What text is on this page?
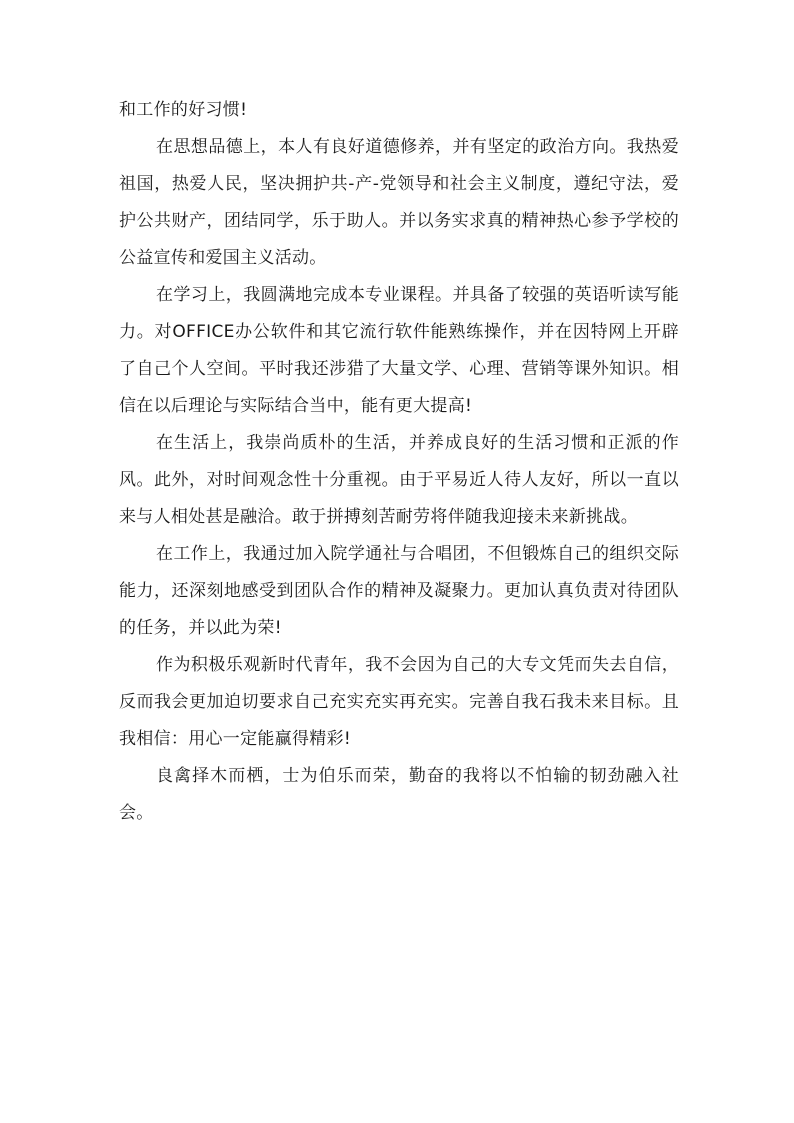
和工作的好习惯!

在思想品德上，本人有良好道德修养，并有坚定的政治方向。我热爱祖国，热爱人民，坚决拥护共-产-党领导和社会主义制度，遵纪守法，爱护公共财产，团结同学，乐于助人。并以务实求真的精神热心参予学校的公益宣传和爱国主义活动。

在学习上，我圆满地完成本专业课程。并具备了较强的英语听读写能力。对OFFICE办公软件和其它流行软件能熟练操作，并在因特网上开辟了自己个人空间。平时我还涉猎了大量文学、心理、营销等课外知识。相信在以后理论与实际结合当中，能有更大提高!

在生活上，我崇尚质朴的生活，并养成良好的生活习惯和正派的作风。此外，对时间观念性十分重视。由于平易近人待人友好，所以一直以来与人相处甚是融洽。敢于拼搏刻苦耐劳将伴随我迎接未来新挑战。

在工作上，我通过加入院学通社与合唱团，不但锻炼自己的组织交际能力，还深刻地感受到团队合作的精神及凝聚力。更加认真负责对待团队的任务，并以此为荣!

作为积极乐观新时代青年，我不会因为自己的大专文凭而失去自信，反而我会更加迫切要求自己充实充实再充实。完善自我石我未来目标。且我相信：用心一定能赢得精彩!

良禽择木而栖，士为伯乐而荣，勤奋的我将以不怕输的韧劲融入社会。
